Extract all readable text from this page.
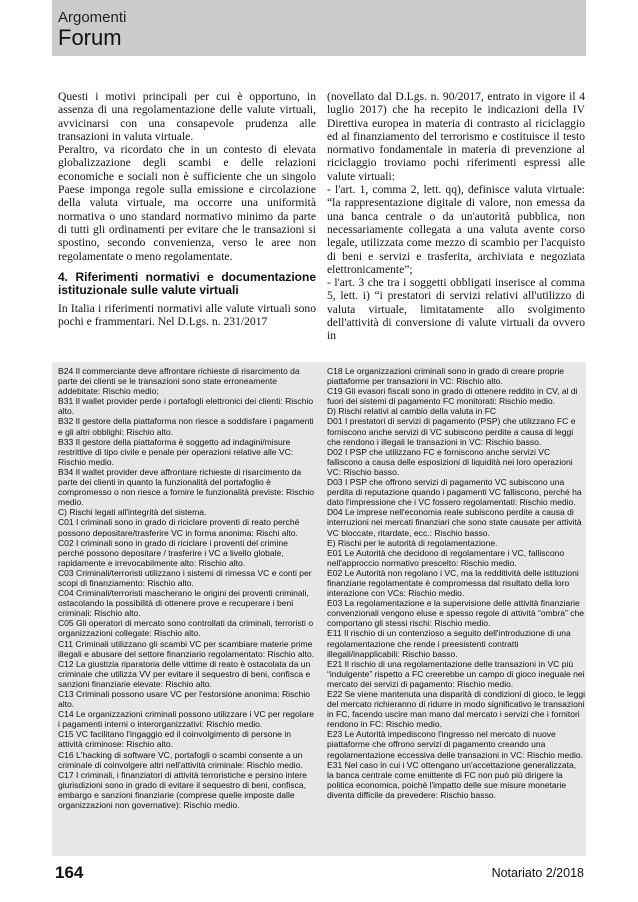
Argomenti
Forum

Questi i motivi principali per cui è opportuno, in assenza di una regolamentazione delle valute virtuali, avvicinarsi con una consapevole prudenza alle transazioni in valuta virtuale.

Peraltro, va ricordato che in un contesto di elevata globalizzazione degli scambi e delle relazioni economiche e sociali non è sufficiente che un singolo Paese imponga regole sulla emissione e circolazione della valuta virtuale, ma occorre una uniformità normativa o uno standard normativo minimo da parte di tutti gli ordinamenti per evitare che le transazioni si spostino, secondo convenienza, verso le aree non regolamentate o meno regolamentate.

4. Riferimenti normativi e documentazione istituzionale sulle valute virtuali

In Italia i riferimenti normativi alle valute virtuali sono pochi e frammentari. Nel D.Lgs. n. 231/2017

(novellato dal D.Lgs. n. 90/2017, entrato in vigore il 4 luglio 2017) che ha recepito le indicazioni della IV Direttiva europea in materia di contrasto al riciclaggio ed al finanziamento del terrorismo e costituisce il testo normativo fondamentale in materia di prevenzione al riciclaggio troviamo pochi riferimenti espressi alle valute virtuali:

- l'art. 1, comma 2, lett. qq), definisce valuta virtuale: “la rappresentazione digitale di valore, non emessa da una banca centrale o da un'autorità pubblica, non necessariamente collegata a una valuta avente corso legale, utilizzata come mezzo di scambio per l'acquisto di beni e servizi e trasferita, archiviata e negoziata elettronicamente”;

- l'art. 3 che tra i soggetti obbligati inserisce al comma 5, lett. i) “i prestatori di servizi relativi all'utilizzo di valuta virtuale, limitatamente allo svolgimento dell'attività di conversione di valute virtuali da ovvero in

B24 Il commerciante deve affrontare richieste di risarcimento da parte dei clienti se le transazioni sono state erroneamente addebitate: Rischio medio;
B31 Il wallet provider perde i portafogli elettronici dei clienti: Rischio alto.
B32 Il gestore della piattaforma non riesce a soddisfare i pagamenti e gli altri obblighi: Rischio alto.
B33 Il gestore della piattaforma è soggetto ad indagini/misure restrittive di tipo civile e penale per operazioni relative alle VC: Rischio medio.
B34 Il wallet provider deve affrontare richieste di risarcimento da parte dei clienti in quanto la funzionalità del portafoglio è compromesso o non riesce a fornire le funzionalità previste: Rischio medio.
C) Rischi legati all'integrità del sistema.
C01 I criminali sono in grado di riciclare proventi di reato perché possono depositare/trasferire VC in forma anonima: Rischi alto.
C02 I criminali sono in grado di riciclare i proventi del crimine perché possono depositare / trasferire i VC a livello globale, rapidamente e irrevocabilmente alto: Rischio alto.
C03 Criminali/terroristi utilizzano i sistemi di rimessa VC e conti per scopi di finanziamento: Rischio alto.
C04 Criminali/terroristi mascherano le origini dei proventi criminali, ostacolando la possibilità di ottenere prove e recuperare i beni criminali: Rischio alto.
C05 Gli operatori di mercato sono controllati da criminali, terroristi o organizzazioni collegate: Rischio alto.
C11 Criminali utilizzano gli scambi VC per scambiare materie prime illegali e abusare del settore finanziario regolamentato: Rischio alto.
C12 La giustizia riparatoria delle vittime di reato è ostacolata da un criminale che utilizza VV per evitare il sequestro di beni, confisca e sanzioni finanziarie elevate: Rischio alto.
C13 Criminali possono usare VC per l'estorsione anonima: Rischio alto.
C14 Le organizzazioni criminali possono utilizzare i VC per regolare i pagamenti interni o interorganizzativi: Rischio medio.
C15 VC facilitano l'ingaggio ed il coinvolgimento di persone in attività criminose: Rischio alto.
C16 L'hacking di software VC, portafogli o scambi consente a un criminale di coinvolgere altri nell'attività criminale: Rischio medio.
C17 I criminali, i finanziatori di attività terroristiche e persino intere giurisdizioni sono in grado di evitare il sequestro di beni, confisca, embargo e sanzioni finanziarie (comprese quelle imposte dalle organizzazioni non governative): Rischio medio.
C18 Le organizzazioni criminali sono in grado di creare proprie piattaforme per transazioni in VC: Rischio alto.
C19 Gli evasori fiscali sono in grado di ottenere reddito in CV, al di fuori dei sistemi di pagamento FC monitorati: Rischio medio.
D) Rischi relativi al cambio della valuta in FC
D01 I prestatori di servizi di pagamento (PSP) che utilizzano FC e forniscono anche servizi di VC subiscono perdite a causa di leggi che rendono i illegali le transazioni in VC: Rischio basso.
D02 I PSP che utilizzano FC e forniscono anche servizi VC falliscono a causa delle esposizioni di liquidità nei loro operazioni VC: Rischio basso.
D03 I PSP che offrono servizi di pagamento VC subiscono una perdita di reputazione quando i pagamenti VC falliscono, perché ha dato l'impressione che i VC fossero regolamentati: Rischio medio.
D04 Le imprese nell'economia reale subiscono perdite a causa di interruzioni nei mercati finanziari che sono state causate per attività VC bloccate, ritardate, ecc.: Rischio basso.
E) Rischi per le autorità di regolamentazione.
E01 Le Autorità che decidono di regolamentare i VC, falliscono nell'approccio normativo prescelto: Rischio medio.
E02 Le Autorità non regolano i VC, ma la redditività delle istituzioni finanziarie regolamentate è compromessa dal risultato della loro interazione con VCs: Rischio medio.
E03 La regolamentazione e la supervisione delle attività finanziarie convenzionali vengono eluse e spesso regole di attività “ombra” che comportano gli stessi rischi: Rischio medio.
E11 Il rischio di un contenzioso a seguito dell'introduzione di una regolamentazione che rende i preesistenti contratti illegali/inapplicabili: Rischio basso.
E21 Il rischio di una regolamentazione delle transazioni in VC più “indulgente” rispetto a FC creerebbe un campo di gioco ineguale nei mercato dei servizi di pagamento: Rischio medio.
E22 Se viene mantenuta una disparità di condizioni di gioco, le leggi del mercato richieranno di ridurre in modo significativo le transazioni in FC, facendo uscire man mano dal mercato i servizi che i fornitori rendono in FC: Rischio medio.
E23 Le Autorità impediscono l'ingresso nel mercato di nuove piattaforme che offrono servizi di pagamento creando una regolamentazione eccessiva delle transazioni in VC: Rischio medio.
E31 Nel caso in cui i VC ottengano un'accettazione generalizzata, la banca centrale come emittente di FC non può più dirigere la politica economica, poiché l'impatto delle sue misure monetarie diventa difficile da prevedere: Rischio basso.
164	Notariato 2/2018
